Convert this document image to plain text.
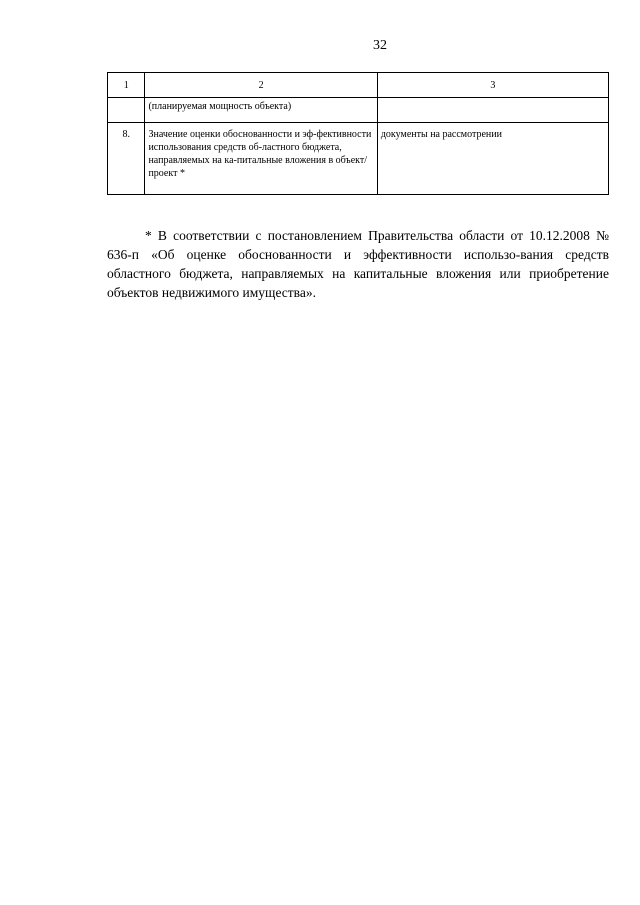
32
1	2	3
	(планируемая мощность объекта)	
8.	Значение оценки обоснованности и эф-фективности использования средств об-ластного бюджета, направляемых на ка-питальные вложения в объект/проект *	документы на рассмотрении

* В соответствии с постановлением Правительства области от 10.12.2008 № 636-п «Об оценке обоснованности и эффективности использо-вания средств областного бюджета, направляемых на капитальные вложения или приобретение объектов недвижимого имущества».
